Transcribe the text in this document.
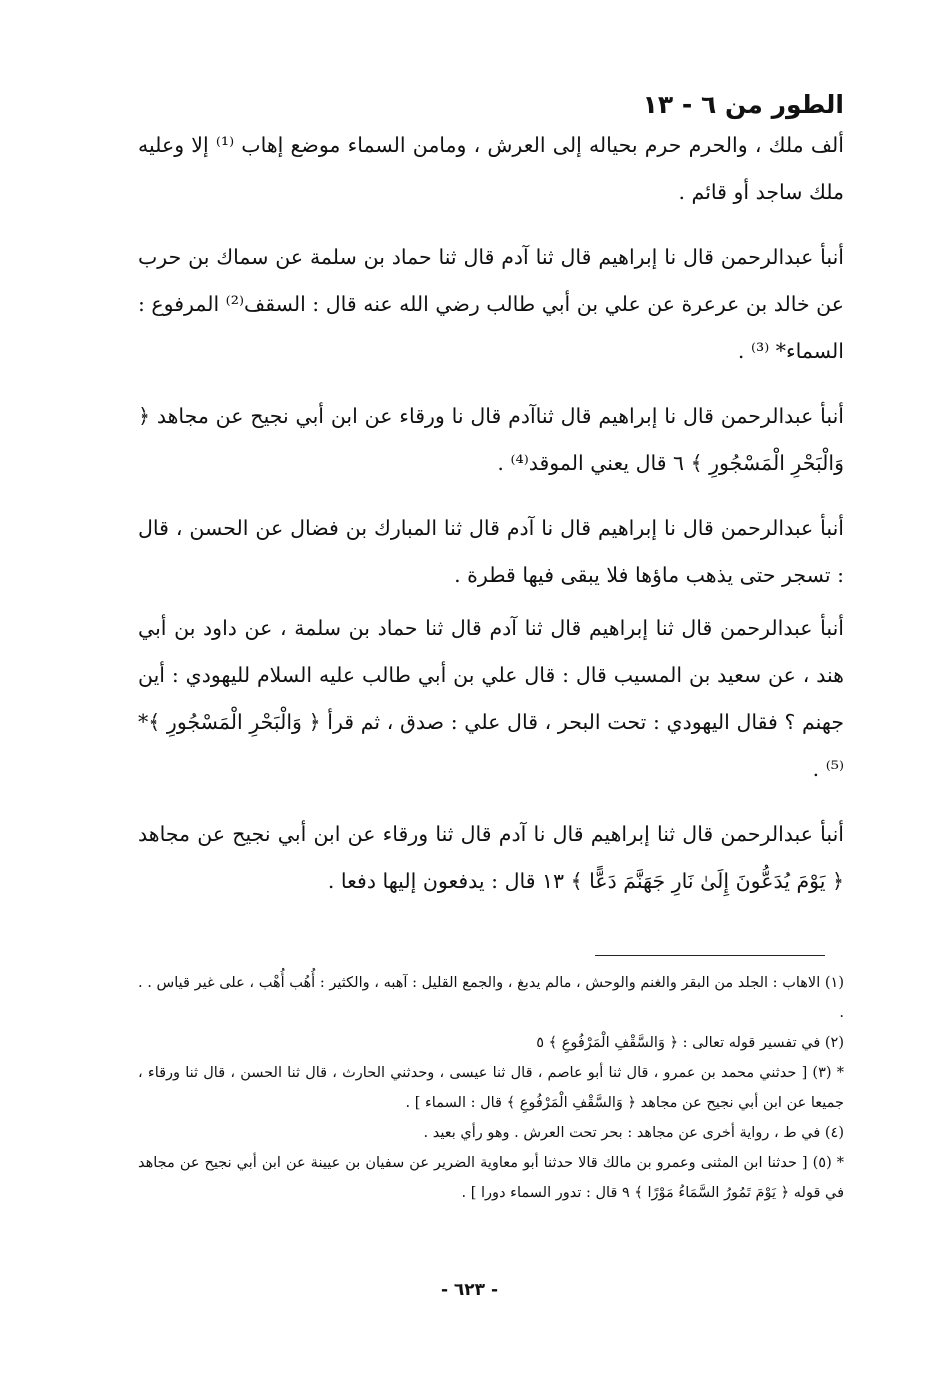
الطور من ٦ - ١٣

ألف ملك ، والحرم حرم بحياله إلى العرش ، ومامن السماء موضع إهاب ⁽¹⁾ إلا وعليه ملك ساجد أو قائم .

أنبأ عبدالرحمن قال نا إبراهيم قال ثنا آدم قال ثنا حماد بن سلمة عن سماك بن حرب عن خالد بن عرعرة عن علي بن أبي طالب رضي الله عنه قال : السقف⁽²⁾ المرفوع : السماء* ⁽³⁾ .

أنبأ عبدالرحمن قال نا إبراهيم قال ثناآدم قال نا ورقاء عن ابن أبي نجيح عن مجاهد ﴿ وَالْبَحْرِ الْمَسْجُورِ ﴾ ٦ قال يعني الموقد⁽⁴⁾ .

أنبأ عبدالرحمن قال نا إبراهيم قال نا آدم قال ثنا المبارك بن فضال عن الحسن ، قال : تسجر حتى يذهب ماؤها فلا يبقى فيها قطرة .

أنبأ عبدالرحمن قال ثنا إبراهيم قال ثنا آدم قال ثنا حماد بن سلمة ، عن داود بن أبي هند ، عن سعيد بن المسيب قال : قال علي بن أبي طالب عليه السلام لليهودي : أين جهنم ؟ فقال اليهودي : تحت البحر ، قال علي : صدق ، ثم قرأ ﴿ وَالْبَحْرِ الْمَسْجُورِ ﴾* ⁽⁵⁾ .

أنبأ عبدالرحمن قال ثنا إبراهيم قال نا آدم قال ثنا ورقاء عن ابن أبي نجيح عن مجاهد ﴿ يَوْمَ يُدَعُّونَ إِلَىٰ نَارِ جَهَنَّمَ دَعًّا ﴾ ١٣ قال : يدفعون إليها دفعا .

(١) الاهاب : الجلد من البقر والغنم والوحش ، مالم يدبغ ، والجمع القليل : آهبه ، والكثير : أُهُب أُهْب ، على غير قياس . . .

(٢) في تفسير قوله تعالى : ﴿ وَالسَّقْفِ الْمَرْفُوعِ ﴾ ٥

* (٣) [ حدثني محمد بن عمرو ، قال ثنا أبو عاصم ، قال ثنا عيسى ، وحدثني الحارث ، قال ثنا الحسن ، قال ثنا ورقاء ، جميعا عن ابن أبي نجيح عن مجاهد ﴿ وَالسَّقْفِ الْمَرْفُوعِ ﴾ قال : السماء ] .

(٤) في ط ، رواية أخرى عن مجاهد : بحر تحت العرش . وهو رأي بعيد .

* (٥) [ حدثنا ابن المثنى وعمرو بن مالك قالا حدثنا أبو معاوية الضرير عن سفيان بن عيينة عن ابن أبي نجيح عن مجاهد في قوله ﴿ يَوْمَ تَمُورُ السَّمَاءُ مَوْرًا ﴾ ٩ قال : تدور السماء دورا ] .

- ٦٢٣ -
